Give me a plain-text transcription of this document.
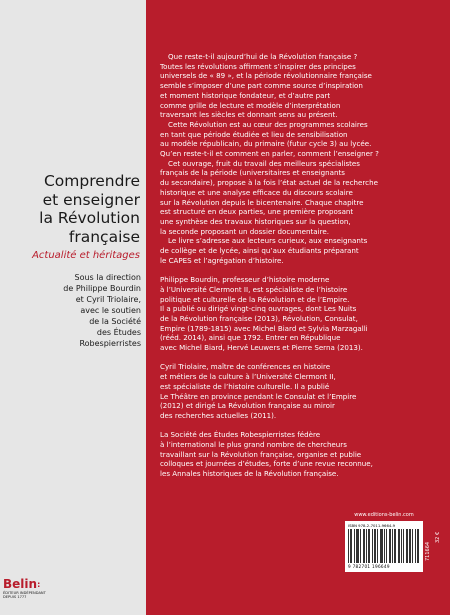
Comprendre
et enseigner
la Révolution
française
Actualité et héritages
Sous la direction
de Philippe Bourdin
et Cyril Triolaire,
avec le soutien
de la Société
des Études
Robespierristes
Belin:
ÉDITEUR INDÉPENDANT
DEPUIS 1777
Que reste-t-il aujourd’hui de la Révolution française ?
Toutes les révolutions affirment s’inspirer des principes
universels de « 89 », et la période révolutionnaire française
semble s’imposer d’une part comme source d’inspiration
et moment historique fondateur, et d’autre part
comme grille de lecture et modèle d’interprétation
traversant les siècles et donnant sens au présent.
Cette Révolution est au cœur des programmes scolaires
en tant que période étudiée et lieu de sensibilisation
au modèle républicain, du primaire (futur cycle 3) au lycée.
Qu’en reste-t-il et comment en parler, comment l’enseigner ?
Cet ouvrage, fruit du travail des meilleurs spécialistes
français de la période (universitaires et enseignants
du secondaire), propose à la fois l’état actuel de la recherche
historique et une analyse efficace du discours scolaire
sur la Révolution depuis le bicentenaire. Chaque chapitre
est structuré en deux parties, une première proposant
une synthèse des travaux historiques sur la question,
la seconde proposant un dossier documentaire.
Le livre s’adresse aux lecteurs curieux, aux enseignants
de collège et de lycée, ainsi qu’aux étudiants préparant
le CAPES et l’agrégation d’histoire.
Philippe Bourdin, professeur d’histoire moderne
à l’Université Clermont II, est spécialiste de l’histoire
politique et culturelle de la Révolution et de l’Empire.
Il a publié ou dirigé vingt-cinq ouvrages, dont Les Nuits
de la Révolution française (2013), Révolution, Consulat,
Empire (1789-1815) avec Michel Biard et Sylvia Marzagalli
(rééd. 2014), ainsi que 1792. Entrer en République
avec Michel Biard, Hervé Leuwers et Pierre Serna (2013).
Cyril Triolaire, maître de conférences en histoire
et métiers de la culture à l’Université Clermont II,
est spécialiste de l’histoire culturelle. Il a publié
Le Théâtre en province pendant le Consulat et l’Empire
(2012) et dirigé La Révolution française au miroir
des recherches actuelles (2011).
La Société des Études Robespierristes fédère
à l’international le plus grand nombre de chercheurs
travaillant sur la Révolution française, organise et publie
colloques et journées d’études, forte d’une revue reconnue,
les Annales historiques de la Révolution française.
www.editions-belin.com
ISBN 978-2-7011-9664-9
9 782701 196649
711664
32 €
